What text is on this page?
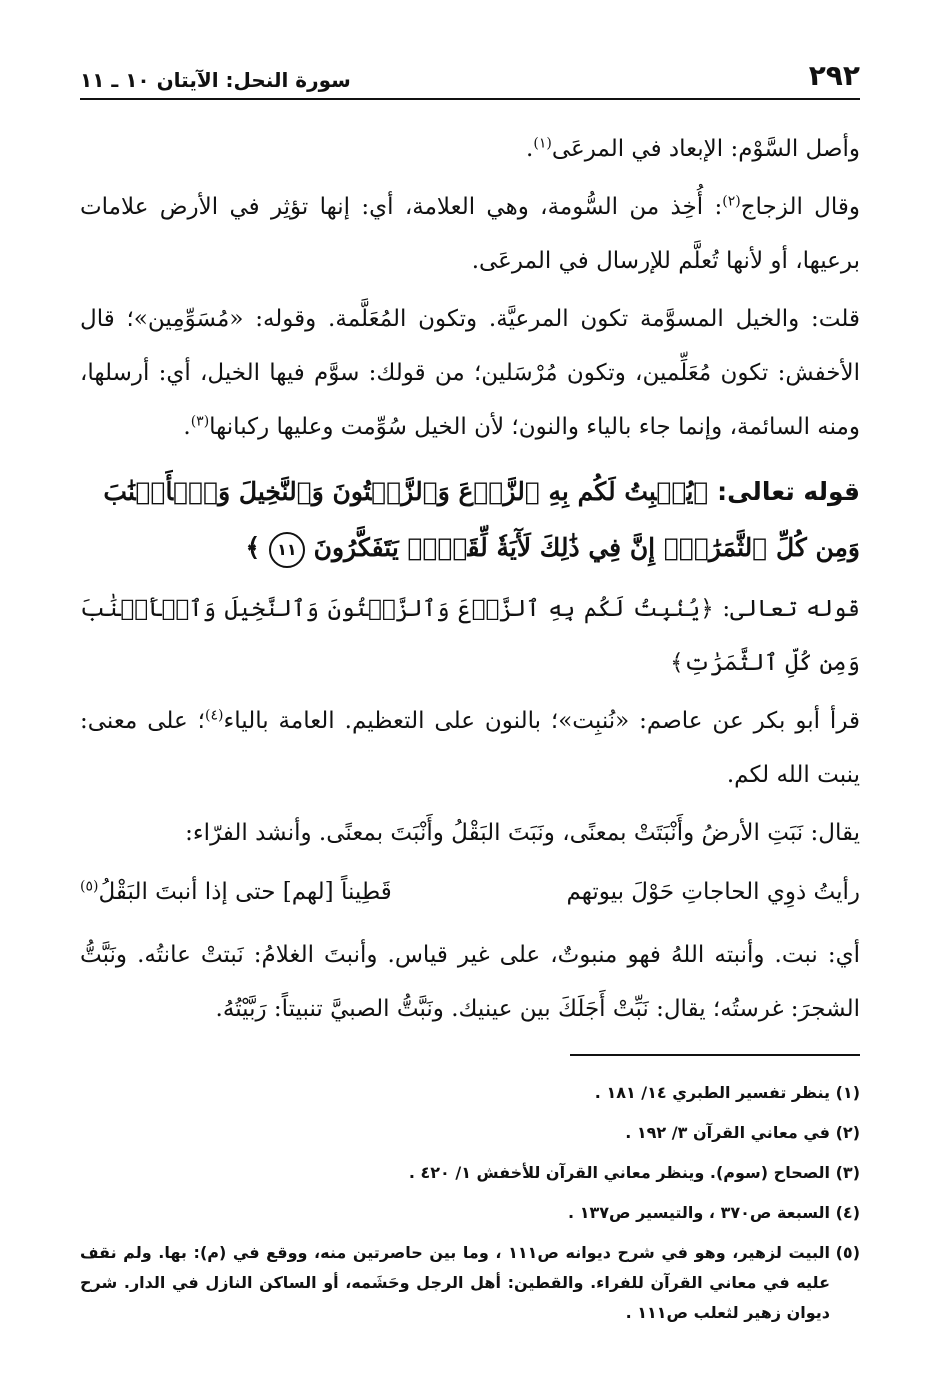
٢٩٢
سورة النحل: الآيتان ١٠ ـ ١١

وأصل السَّوْم: الإبعاد في المرعَى$^{(١)}$.

وقال الزجاج$^{(٢)}$: أُخِذ من السُّومة، وهي العلامة، أي: إنها تؤثِر في الأرض علامات برعيها، أو لأنها تُعلَّم للإرسال في المرعَى.

قلت: والخيل المسوَّمة تكون المرعيَّة. وتكون المُعَلَّمة. وقوله: «مُسَوِّمِين»؛ قال الأخفش: تكون مُعَلِّمين، وتكون مُرْسَلين؛ من قولك: سوَّم فيها الخيل، أي: أرسلها، ومنه السائمة، وإنما جاء بالياء والنون؛ لأن الخيل سُوِّمت وعليها ركبانها$^{(٣)}$.

قوله تعالى: ﴿يُنۢبِتُ لَكُم بِهِ ٱلزَّرۡعَ وَٱلزَّيۡتُونَ وَٱلنَّخِيلَ وَٱلۡأَعۡنَٰبَ وَمِن كُلِّ ٱلثَّمَرَٰتِۚ إِنَّ فِي ذَٰلِكَ لَأٓيَةٗ لِّقَوۡمٖ يَتَفَكَّرُونَ ١١ ﴾

قوله تعالى: ﴿يُنۢبِتُ لَكُم بِهِ ٱلزَّرۡعَ وَٱلزَّيۡتُونَ وَٱلنَّخِيلَ وَٱلۡأَعۡنَٰبَ وَمِن كُلِّ ٱلثَّمَرَٰتِ﴾

قرأ أبو بكر عن عاصم: «نُنبِت»؛ بالنون على التعظيم. العامة بالياء$^{(٤)}$؛ على معنى: ينبت الله لكم.

يقال: نَبَتِ الأرضُ وأَنْبَتَتْ بمعنًى، ونَبَتَ البَقْلُ وأَنْبَتَ بمعنًى. وأنشد الفرّاء:

رأيتُ ذوِي الحاجاتِ حَوْلَ بيوتهم
قَطِيناً [لهم] حتى إذا أنبتَ البَقْلُ$^{(٥)}$

أي: نبت. وأنبته اللهُ فهو منبوتٌ، على غير قياس. وأنبتَ الغلامُ: نَبتتْ عانتُه. ونَبَّتُّ الشجرَ: غرستُه؛ يقال: نَبِّتْ أَجَلَكَ بين عينيك. ونَبَّتُّ الصبيَّ تنبيتاً: رَبَّيْتُهُ.

(١)
ينظر تفسير الطبري ١٤/ ١٨١ .
(٢)
في معاني القرآن ٣/ ١٩٢ .
(٣)
الصحاح (سوم). وينظر معاني القرآن للأخفش ١/ ٤٢٠ .
(٤)
السبعة ص٣٧٠ ، والتيسير ص١٣٧ .
(٥)
البيت لزهير، وهو في شرح ديوانه ص١١١ ، وما بين حاصرتين منه، ووقع في (م): بها. ولم نقف عليه في معاني القرآن للفراء. والقطين: أهل الرجل وحَشَمه، أو الساكن النازل في الدار. شرح ديوان زهير لثعلب ص١١١ .
